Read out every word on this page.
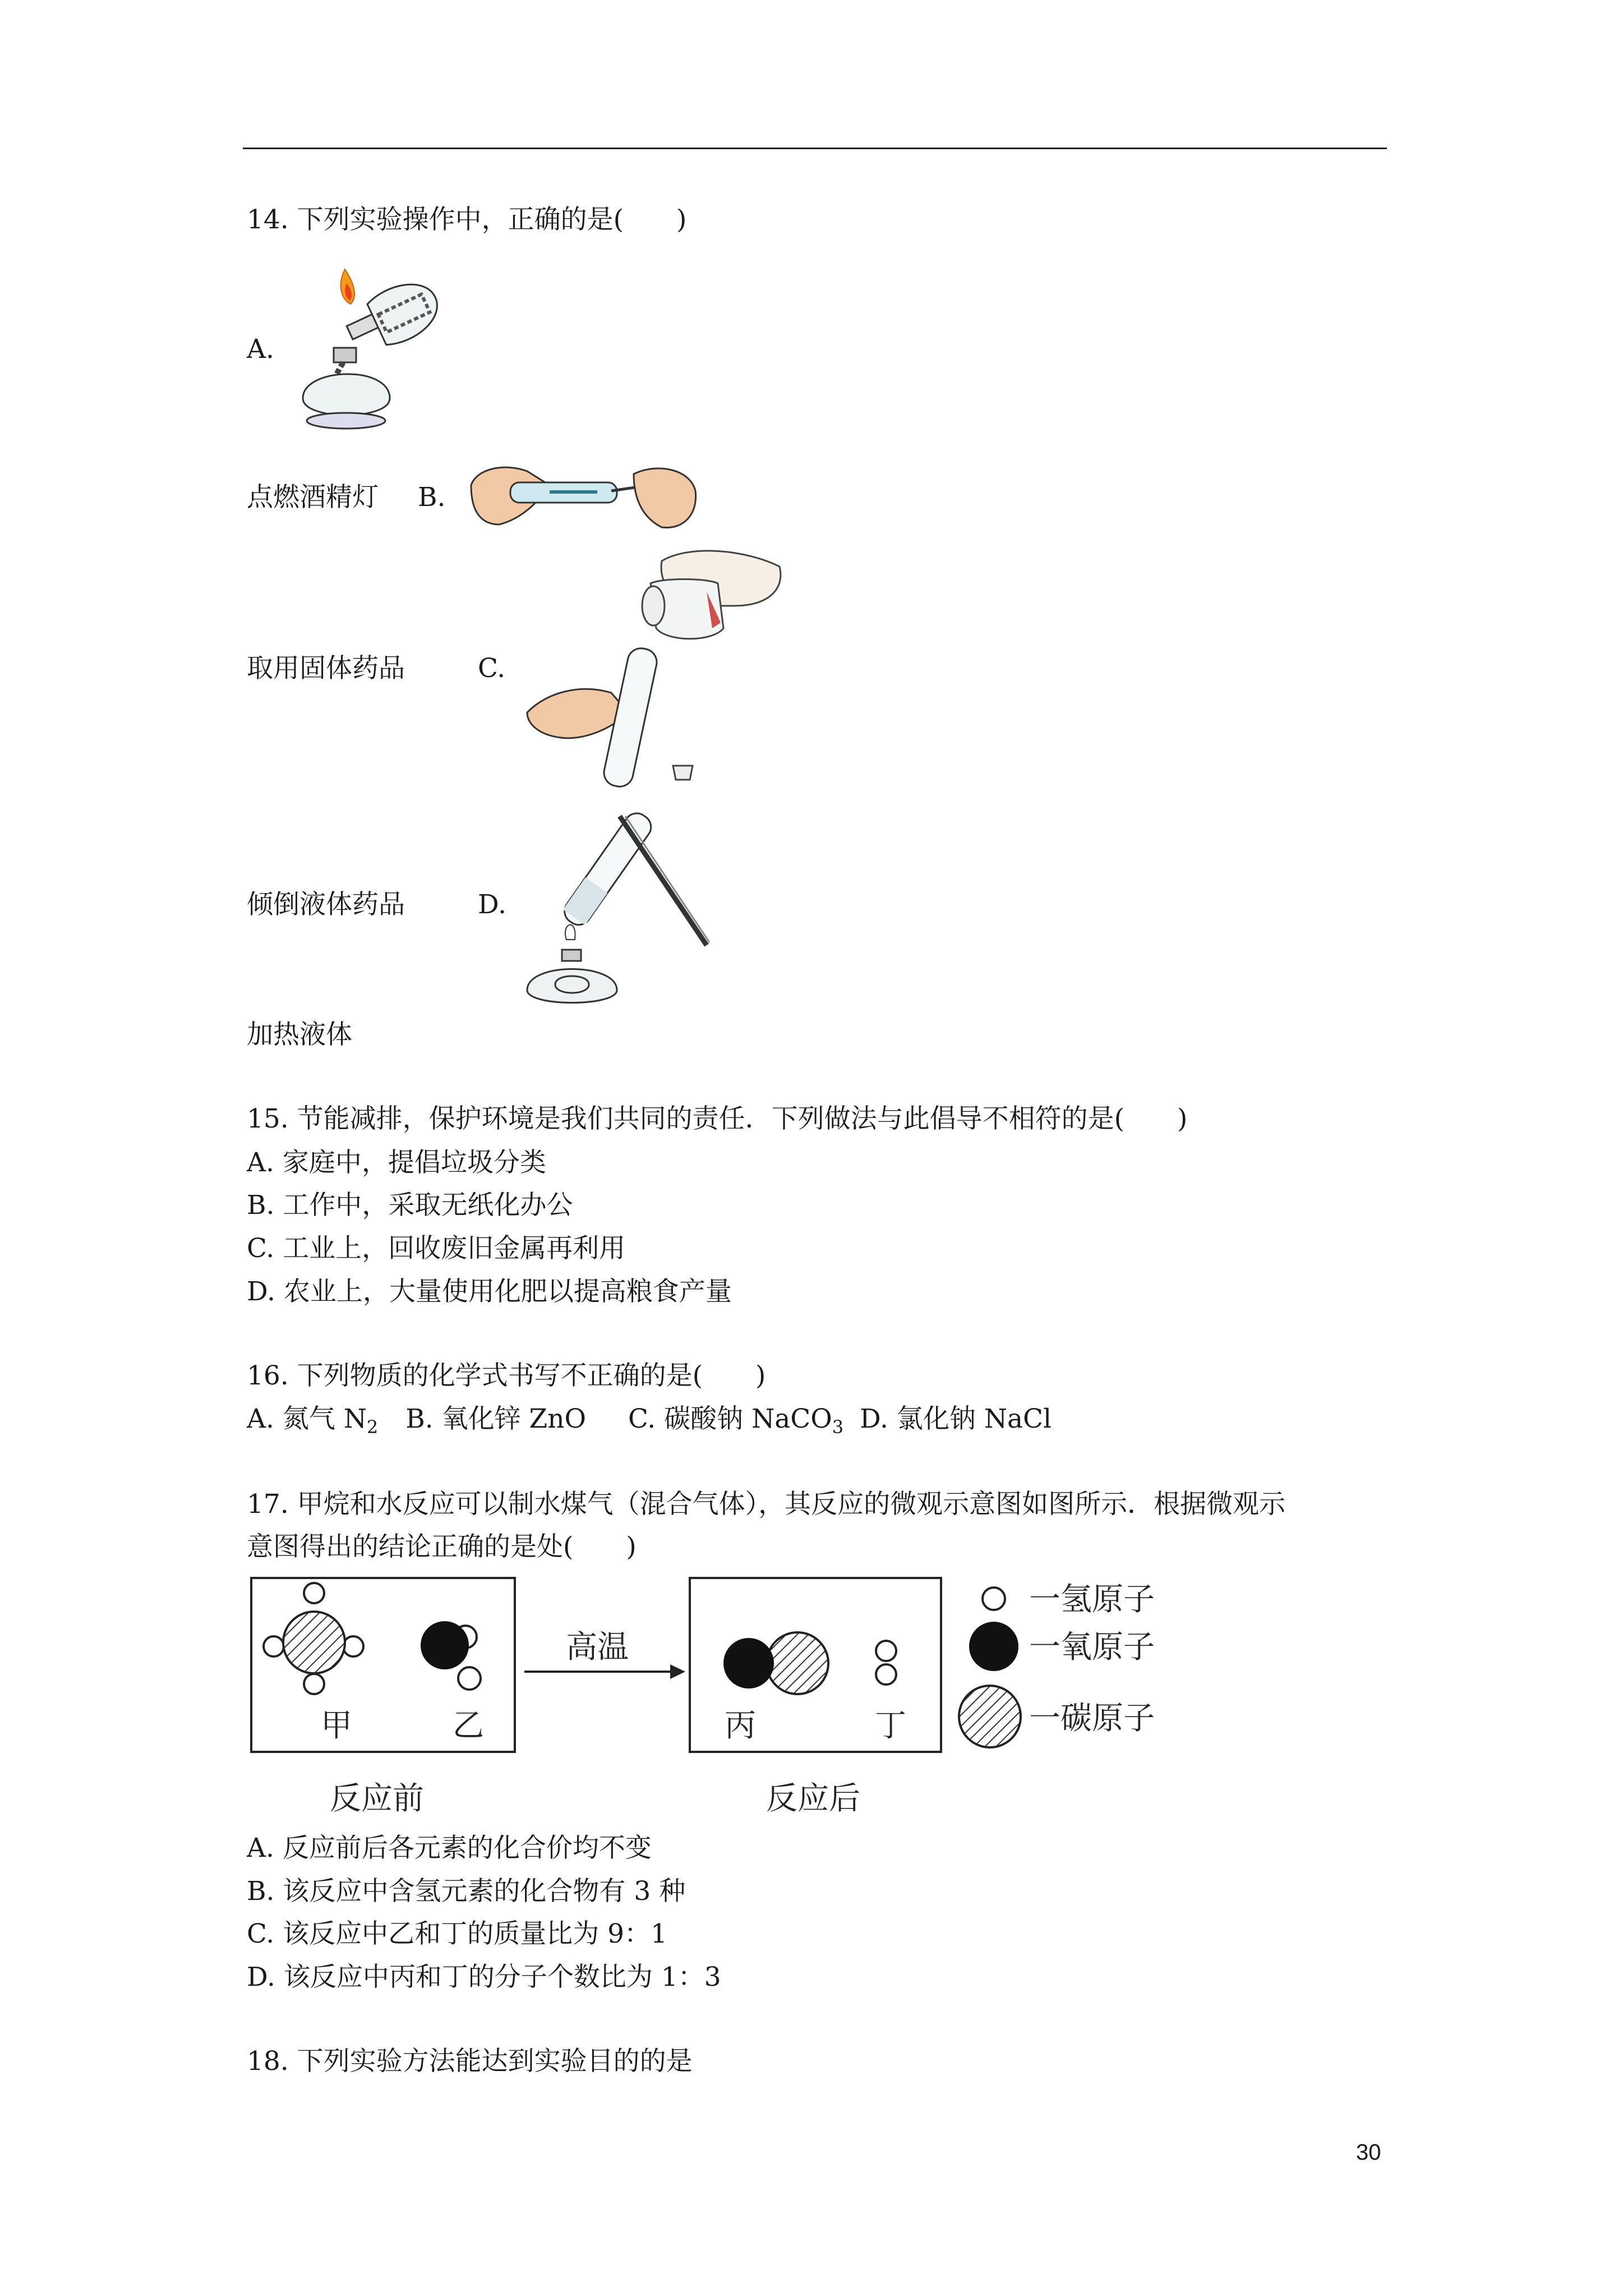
14. 下列实验操作中，正确的是(　　)
A.
点燃酒精灯 B.
取用固体药品	C.
倾倒液体药品	D.
加热液体
15. 节能减排，保护环境是我们共同的责任．下列做法与此倡导不相符的是(　　)
A. 家庭中，提倡垃圾分类
B. 工作中，采取无纸化办公
C. 工业上，回收废旧金属再利用
D. 农业上，大量使用化肥以提高粮食产量
16. 下列物质的化学式书写不正确的是(　　)
A. 氮气 $N_2$ B. 氧化锌 ZnO C. 碳酸钠 NaCO$_3$ D. 氯化钠 NaCl
17. 甲烷和水反应可以制水煤气（混合气体），其反应的微观示意图如图所示．根据微观示
意图得出的结论正确的是处(　　)
甲	乙
高温
丙	丁
一氢原子
一氧原子
一碳原子
反应前	反应后
A. 反应前后各元素的化合价均不变
B. 该反应中含氢元素的化合物有 3 种
C. 该反应中乙和丁的质量比为 9：1
D. 该反应中丙和丁的分子个数比为 1：3
18. 下列实验方法能达到实验目的的是
30
